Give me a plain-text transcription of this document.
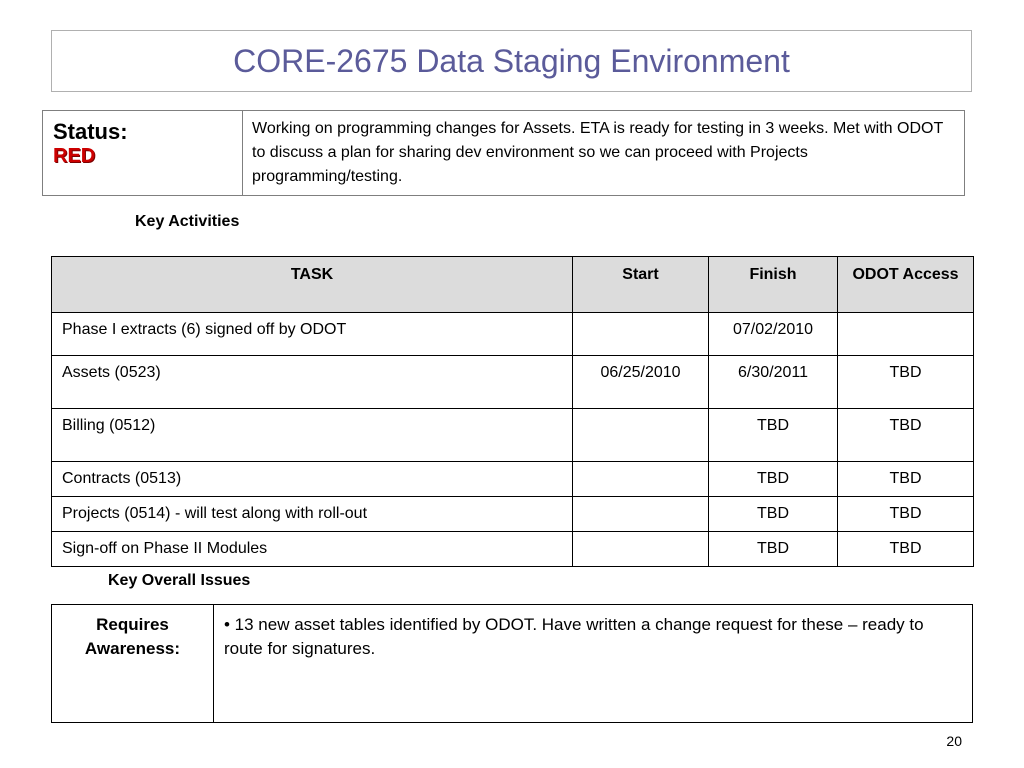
CORE-2675 Data Staging Environment
Status:
RED
	Working on programming changes for Assets. ETA is ready for testing in 3 weeks. Met with ODOT to discuss a plan for sharing dev environment so we can proceed with Projects programming/testing.
Key Activities
TASK	Start	Finish	ODOT Access
Phase I extracts (6) signed off by ODOT		07/02/2010	
Assets (0523)	06/25/2010	6/30/2011	TBD
Billing (0512)		TBD	TBD
Contracts (0513)		TBD	TBD
Projects (0514) - will test along with roll-out		TBD	TBD
Sign-off on Phase II Modules		TBD	TBD
Key Overall Issues
Requires Awareness:	• 13 new asset tables identified by ODOT. Have written a change request for these – ready to route for signatures.
20
